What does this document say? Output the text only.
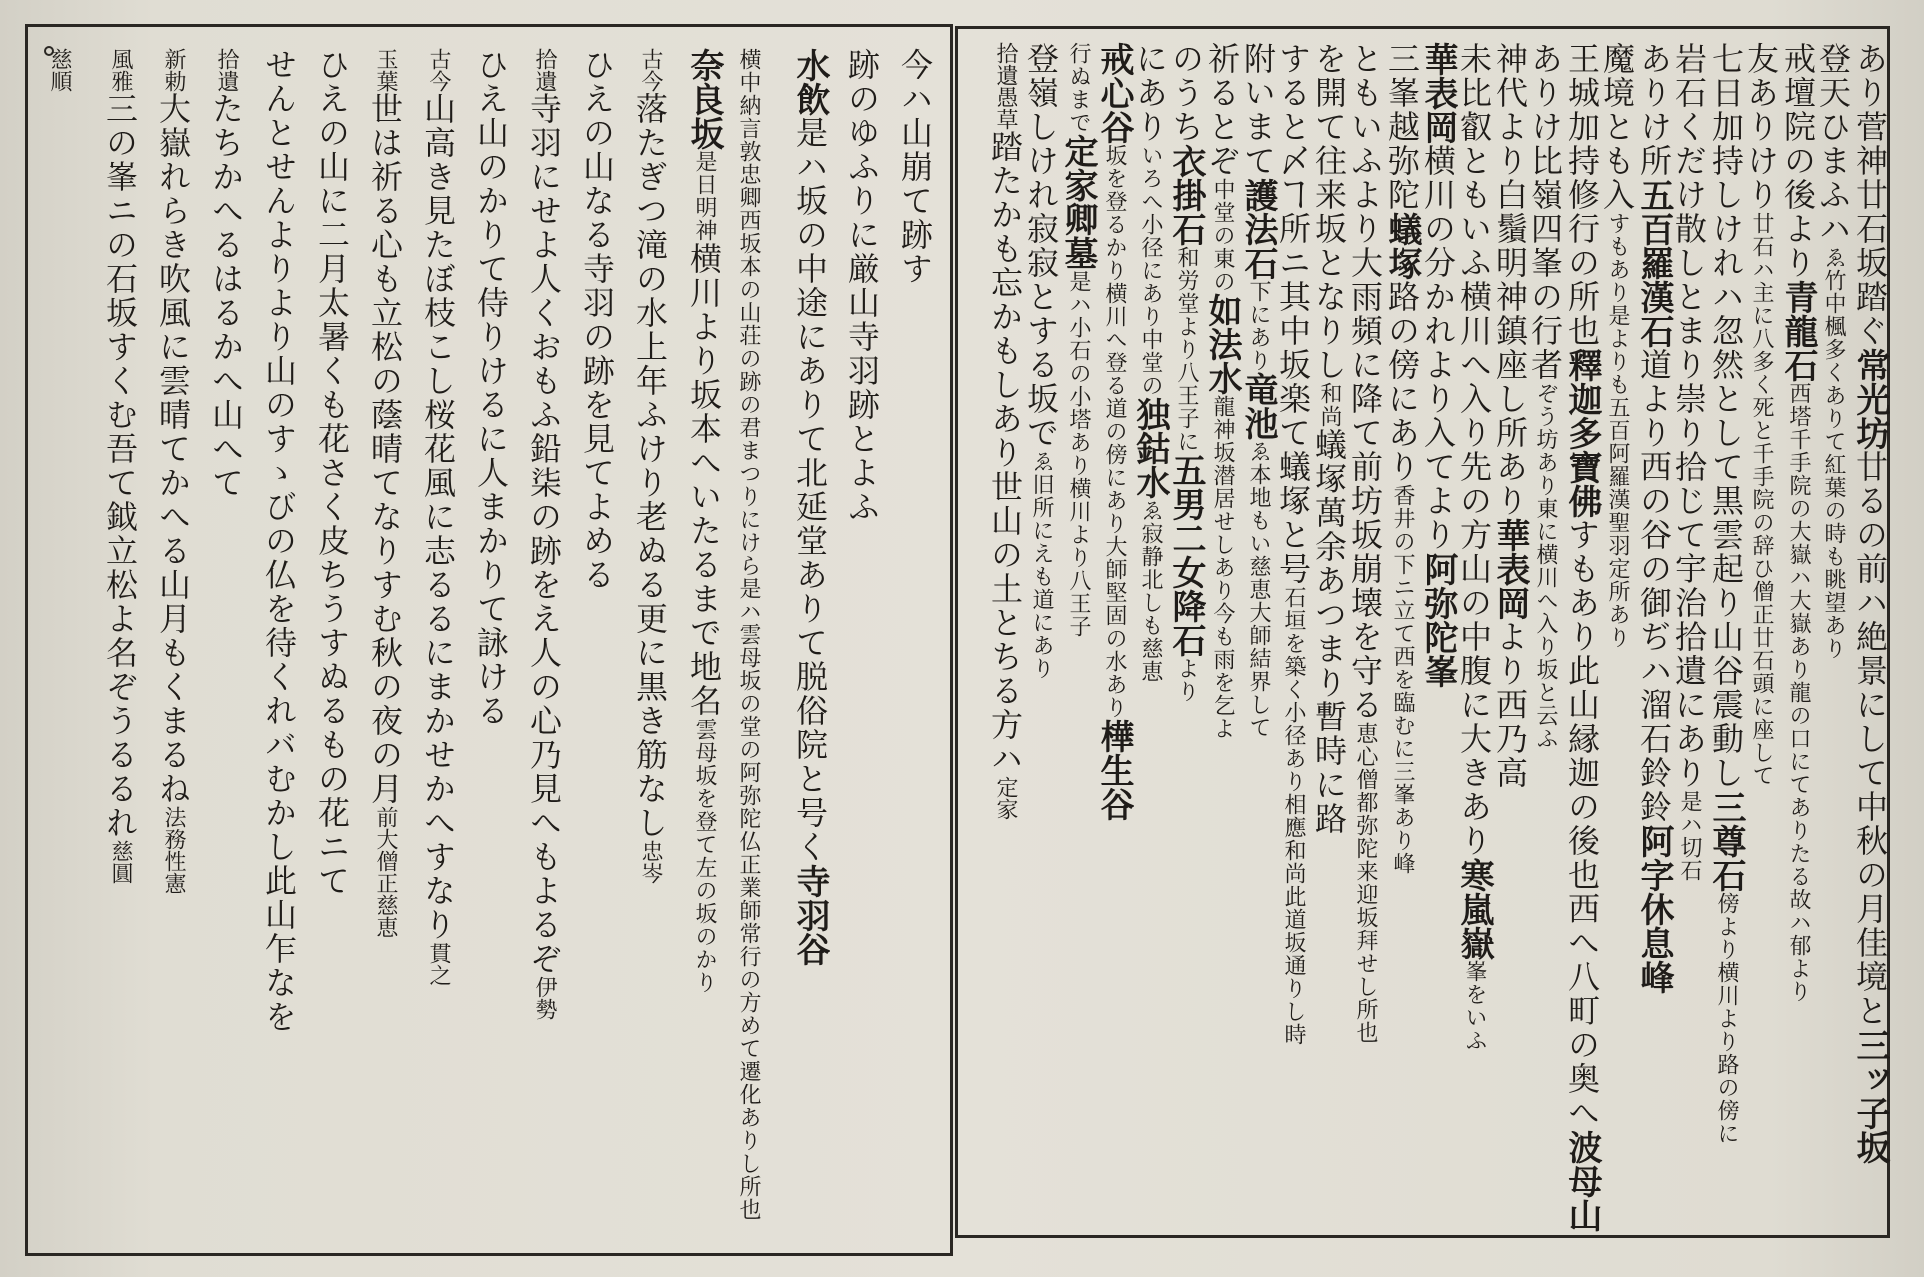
あり菅神廿石坂踏ぐ常光坊廿るの前ハ絶景にして中秋の月佳境と三ッ子坂
登天ひまふハゑ竹中楓多くありて紅葉の時も眺望あり
戒壇院の後より青龍石西塔千手院の大嶽ハ大嶽あり龍の口にてありたる故ハ郁より
友ありけり廿石ハ主に八多く死と千手院の辞ひ僧正廿石頭に座して
七日加持しけれハ忽然として黒雲起り山谷震動し三尊石傍より横川より路の傍に
岩石くだけ散しとまり崇り拾じて宇治拾遺にあり是ハ切石
ありけ所五百羅漢石道より西の谷の御ぢハ溜石鈴鈴阿字休息峰
魔境とも入すもあり是よりも五百阿羅漢聖羽定所あり
王城加持修行の所也釋迦多寶佛すもあり此山縁迦の後也西へ八町の奥へ波母山
ありけ比嶺四峯の行者ぞう坊あり東に横川へ入り坂と云ふ
神代より白鬚明神鎮座し所あり華表岡より西乃高
未比叡ともいふ横川へ入り先の方山の中腹に大きあり寒嵐嶽峯をいふ
華表岡横川の分かれより入てより阿弥陀峯
三峯越弥陀蟻塚路の傍にあり香井の下ニ立て西を臨むに三峯あり峰
ともいふより大雨頻に降て前坊坂崩壊を守る恵心僧都弥陀来迎坂拜せし所也
を開て往来坂となりし和尚蟻塚萬余あつまり暫時に路
すると〆ヿ所ニ其中坂楽て蟻塚と号石垣を築く小径あり相應和尚此道坂通りし時
附いまて護法石下にあり竜池ゑ本地もい慈恵大師結界して
祈るとぞ中堂の東の如法水龍神坂潜居せしあり今も雨を乞よ
のうち衣掛石和労堂より八王子に五男二女降石より
にありいろへ小径にあり中堂の独鈷水ゑ寂静北しも慈恵
戒心谷坂を登るかり横川へ登る道の傍にあり大師堅固の水あり樺生谷
行ぬまで定家卿墓是ハ小石の小塔あり横川より八王子
登嶺しけれ寂寂とする坂でゑ旧所にえも道にあり
拾遺愚草踏たかも忘かもしあり世山の土とちる方ハ定家
今ハ山崩て跡す
跡のゆふりに厳山寺羽跡とよふ
水飲是ハ坂の中途にありて北延堂ありて脱俗院と号く寺羽谷
横中納言敦忠卿西坂本の山荘の跡の君まつりにけら是ハ雲母坂の堂の阿弥陀仏正業師常行の方めて遷化ありし所也
奈良坂是日明神横川より坂本へいたるまで地名雲母坂を登て左の坂のかり
古今落たぎつ滝の水上年ふけり老ぬる更に黒き筋なし忠岑
ひえの山なる寺羽の跡を見てよめる
拾遺寺羽にせよ人くおもふ鉛柒の跡をえ人の心乃見へもよるぞ伊勢
ひえ山のかりて侍りけるに人まかりて詠ける
古今山高き見たぼ枝こし桜花風に志るるにまかせかへすなり貫之
玉葉世は祈る心も立松の蔭晴てなりすむ秋の夜の月前大僧正慈恵
ひえの山に二月太暑くも花さく皮ちうすぬるもの花ニて
せんとせんよりより山のすゝびの仏を待くれバむかし此山乍なを
拾遺たちかへるはるかへ山へて
新勅大嶽れらき吹風に雲晴てかへる山月もくまるね法務性憲
風雅三の峯ニの石坂すくむ吾て鉞立松よ名ぞうるるれ慈圓
慈順
